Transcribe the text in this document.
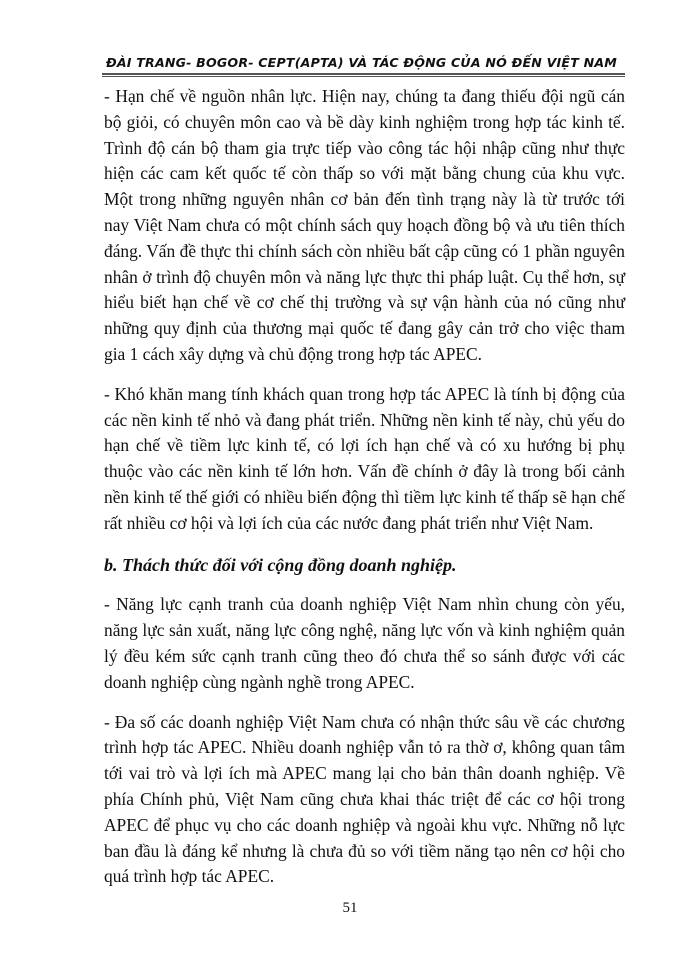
ĐÀI TRANG- BOGOR- CEPT(APTA) VÀ TÁC ĐỘNG CỦA NÓ ĐẾN VIỆT NAM

- Hạn chế về nguồn nhân lực. Hiện nay, chúng ta đang thiếu đội ngũ cán bộ giỏi, có chuyên môn cao và bề dày kinh nghiệm trong hợp tác kinh tế. Trình độ cán bộ tham gia trực tiếp vào công tác hội nhập cũng như thực hiện các cam kết quốc tế còn thấp so với mặt bằng chung của khu vực. Một trong những nguyên nhân cơ bản đến tình trạng này là từ trước tới nay Việt Nam chưa có một chính sách quy hoạch đồng bộ và ưu tiên thích đáng. Vấn đề thực thi chính sách còn nhiều bất cập cũng có 1 phần nguyên nhân ở trình độ chuyên môn và năng lực thực thi pháp luật. Cụ thể hơn, sự hiểu biết hạn chế về cơ chế thị trường và sự vận hành của nó cũng như những quy định của thương mại quốc tế đang gây cản trở cho việc tham gia 1 cách xây dựng và chủ động trong hợp tác APEC.

- Khó khăn mang tính khách quan trong hợp tác APEC là tính bị động của các nền kinh tế nhỏ và đang phát triển. Những nền kinh tế này, chủ yếu do hạn chế về tiềm lực kinh tế, có lợi ích hạn chế và có xu hướng bị phụ thuộc vào các nền kinh tế lớn hơn. Vấn đề chính ở đây là trong bối cảnh nền kinh tế thế giới có nhiều biến động thì tiềm lực kinh tế thấp sẽ hạn chế rất nhiều cơ hội và lợi ích của các nước đang phát triển như Việt Nam.

b. Thách thức đối với cộng đồng doanh nghiệp.

- Năng lực cạnh tranh của doanh nghiệp Việt Nam nhìn chung còn yếu, năng lực sản xuất, năng lực công nghệ, năng lực vốn và kinh nghiệm quản lý đều kém sức cạnh tranh cũng theo đó chưa thể so sánh được với các doanh nghiệp cùng ngành nghề trong APEC.

- Đa số các doanh nghiệp Việt Nam chưa có nhận thức sâu về các chương trình hợp tác APEC. Nhiều doanh nghiệp vẫn tỏ ra thờ ơ, không quan tâm tới vai trò và lợi ích mà APEC mang lại cho bản thân doanh nghiệp. Về phía Chính phủ, Việt Nam cũng chưa khai thác triệt để các cơ hội trong APEC để phục vụ cho các doanh nghiệp và ngoài khu vực. Những nỗ lực ban đầu là đáng kể nhưng là chưa đủ so với tiềm năng tạo nên cơ hội cho quá trình hợp tác APEC.

51
